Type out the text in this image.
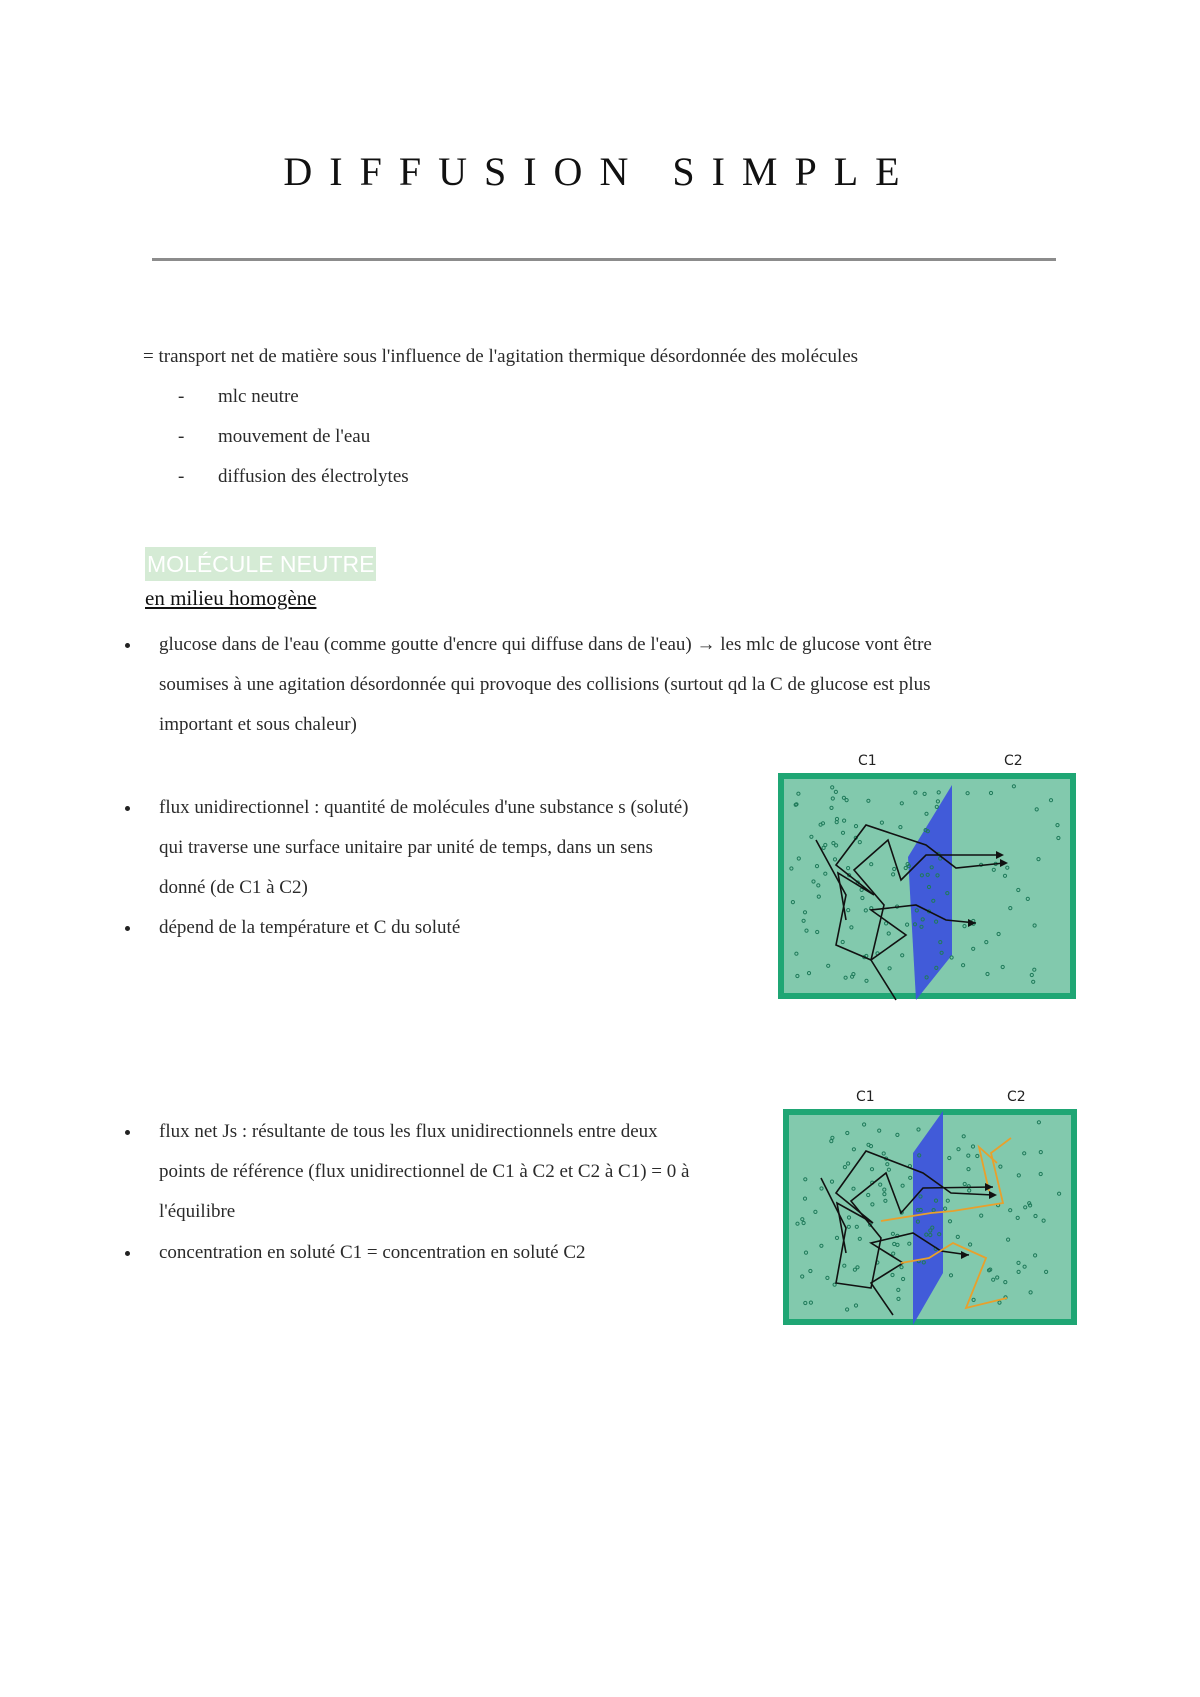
DIFFUSION SIMPLE
= transport net de matière sous l'influence de l'agitation thermique désordonnée des molécules
- mlc neutre
- mouvement de l'eau
- diffusion des électrolytes
MOLÉCULE NEUTRE
en milieu homogène
glucose dans de l'eau (comme goutte d'encre qui diffuse dans de l'eau) → les mlc de glucose vont être
soumises à une agitation désordonnée qui provoque des collisions (surtout qd la C de glucose est plus
important et sous chaleur)
flux unidirectionnel : quantité de molécules d'une substance s (soluté)
qui traverse une surface unitaire par unité de temps, dans un sens
donné (de C1 à C2)
dépend de la température et C du soluté
flux net Js : résultante de tous les flux unidirectionnels entre deux
points de référence (flux unidirectionnel de C1 à C2 et C2 à C1) = 0 à
l'équilibre
concentration en soluté C1 = concentration en soluté C2
C1	C2
C1	C2
